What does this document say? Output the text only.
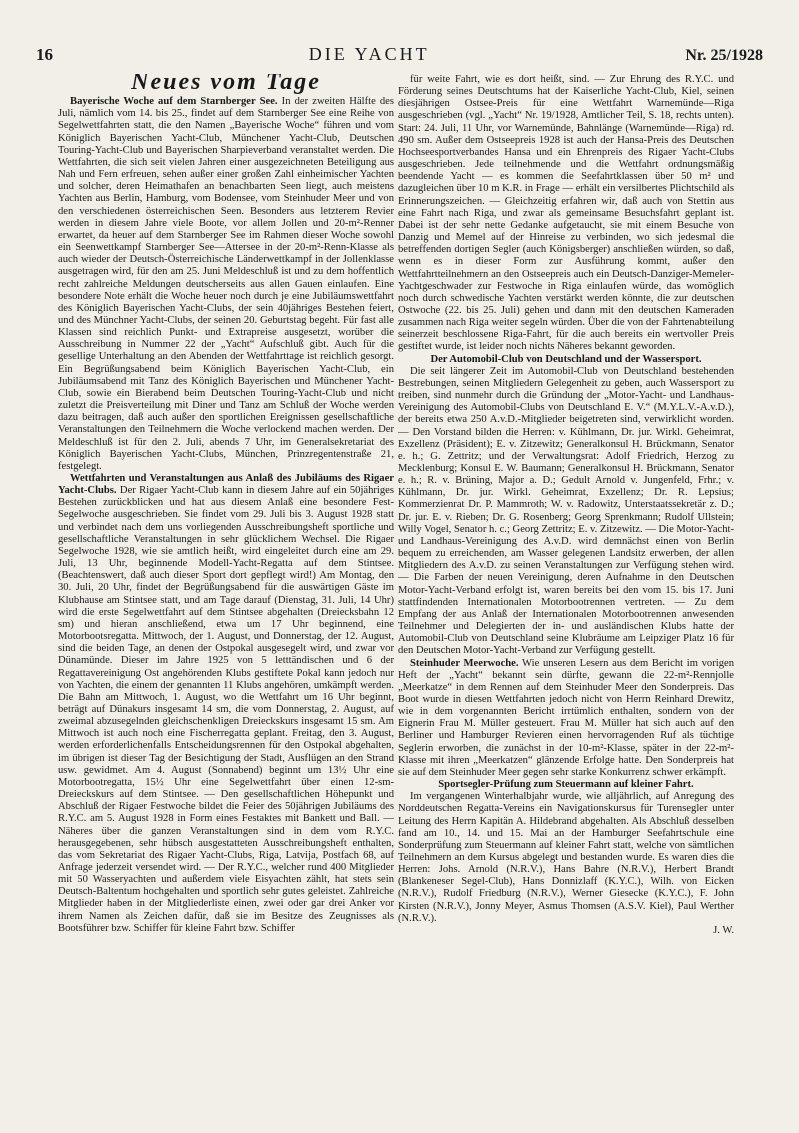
16	DIE YACHT	Nr. 25/1928
Neues vom Tage

Bayerische Woche auf dem Starnberger See. In der zweiten Hälfte des Juli, nämlich vom 14. bis 25., findet auf dem Starnberger See eine Reihe von Segelwettfahrten statt, die den Namen „Bayerische Woche“ führen und vom Königlich Bayerischen Yacht-Club, Münchener Yacht-Club, Deutschen Touring-Yacht-Club und Bayerischen Sharpieverband veranstaltet werden. Die Wettfahrten, die sich seit vielen Jahren einer ausgezeichneten Beteiligung aus Nah und Fern erfreuen, sehen außer einer großen Zahl einheimischer Yachten und solcher, deren Heimathafen an benachbarten Seen liegt, auch meistens Yachten aus Berlin, Hamburg, vom Bodensee, vom Steinhuder Meer und von den verschiedenen österreichischen Seen. Besonders aus letzterem Revier werden in diesem Jahre viele Boote, vor allem Jollen und 20-m²-Renner erwartet, da heuer auf dem Starnberger See im Rahmen dieser Woche sowohl ein Seenwettkampf Starnberger See—Attersee in der 20-m²-Renn-Klasse als auch wieder der Deutsch-Österreichische Länderwettkampf in der Jollenklasse ausgetragen wird, für den am 25. Juni Meldeschluß ist und zu dem hoffentlich recht zahlreiche Meldungen deutscherseits aus allen Gauen einlaufen. Eine besondere Note erhält die Woche heuer noch durch je eine Jubiläumswettfahrt des Königlich Bayerischen Yacht-Clubs, der sein 40jähriges Bestehen feiert, und des Münchner Yacht-Clubs, der seinen 20. Geburtstag begeht. Für fast alle Klassen sind reichlich Punkt- und Extrapreise ausgesetzt, worüber die Ausschreibung in Nummer 22 der „Yacht“ Aufschluß gibt. Auch für die gesellige Unterhaltung an den Abenden der Wettfahrttage ist reichlich gesorgt. Ein Begrüßungsabend beim Königlich Bayerischen Yacht-Club, ein Jubiläumsabend mit Tanz des Königlich Bayerischen und Münchener Yacht-Club, sowie ein Bierabend beim Deutschen Touring-Yacht-Club und nicht zuletzt die Preisverteilung mit Diner und Tanz am Schluß der Woche werden dazu beitragen, daß auch außer den sportlichen Ereignissen gesellschaftliche Veranstaltungen den Teilnehmern die Woche verlockend machen werden. Der Meldeschluß ist für den 2. Juli, abends 7 Uhr, im Generalsekretariat des Königlich Bayerischen Yacht-Clubs, München, Prinzregentenstraße 21, festgelegt.

Wettfahrten und Veranstaltungen aus Anlaß des Jubiläums des Rigaer Yacht-Clubs. Der Rigaer Yacht-Club kann in diesem Jahre auf ein 50jähriges Bestehen zurückblicken und hat aus diesem Anlaß eine besondere Fest-Segelwoche ausgeschrieben. Sie findet vom 29. Juli bis 3. August 1928 statt und verbindet nach dem uns vorliegenden Ausschreibungsheft sportliche und gesellschaftliche Veranstaltungen in sehr glücklichem Wechsel. Die Rigaer Segelwoche 1928, wie sie amtlich heißt, wird eingeleitet durch eine am 29. Juli, 13 Uhr, beginnende Modell-Yacht-Regatta auf dem Stintsee. (Beachtenswert, daß auch dieser Sport dort gepflegt wird!) Am Montag, den 30. Juli, 20 Uhr, findet der Begrüßungsabend für die auswärtigen Gäste im Klubhause am Stintsee statt, und am Tage darauf (Dienstag, 31. Juli, 14 Uhr) wird die erste Segelwettfahrt auf dem Stintsee abgehalten (Dreiecksbahn 12 sm) und hieran anschließend, etwa um 17 Uhr beginnend, eine Motorbootsregatta. Mittwoch, der 1. August, und Donnerstag, der 12. August, sind die beiden Tage, an denen der Ostpokal ausgesegelt wird, und zwar vor Dünamünde. Dieser im Jahre 1925 von 5 letttändischen und 6 der Regattavereinigung Ost angehörenden Klubs gestiftete Pokal kann jedoch nur von Yachten, die einem der genannten 11 Klubs angehören, umkämpft werden. Die Bahn am Mittwoch, 1. August, wo die Wettfahrt um 16 Uhr beginnt, beträgt auf Dünakurs insgesamt 14 sm, die vom Donnerstag, 2. August, auf zweimal abzusegelnden gleichschenkligen Dreieckskurs insgesamt 15 sm. Am Mittwoch ist auch noch eine Fischerregatta geplant. Freitag, den 3. August, werden erforderlichenfalls Entscheidungsrennen für den Ostpokal abgehalten, im übrigen ist dieser Tag der Besichtigung der Stadt, Ausflügen an den Strand usw. gewidmet. Am 4. August (Sonnabend) beginnt um 13½ Uhr eine Motorbootregatta, 15½ Uhr eine Segelwettfahrt über einen 12-sm-Dreieckskurs auf dem Stintsee. — Den gesellschaftlichen Höhepunkt und Abschluß der Rigaer Festwoche bildet die Feier des 50jährigen Jubiläums des R.Y.C. am 5. August 1928 in Form eines Festaktes mit Bankett und Ball. — Näheres über die ganzen Veranstaltungen sind in dem vom R.Y.C. herausgegebenen, sehr hübsch ausgestatteten Ausschreibungsheft enthalten, das vom Sekretariat des Rigaer Yacht-Clubs, Riga, Latvija, Postfach 68, auf Anfrage jederzeit versendet wird. — Der R.Y.C., welcher rund 400 Mitglieder mit 50 Wasseryachten und außerdem viele Eisyachten zählt, hat stets sein Deutsch-Baltentum hochgehalten und sportlich sehr gutes geleistet. Zahlreiche Mitglieder haben in der Mitgliederliste einen, zwei oder gar drei Anker vor ihrem Namen als Zeichen dafür, daß sie im Besitze des Zeugnisses als Bootsführer bzw. Schiffer für kleine Fahrt bzw. Schiffer

für weite Fahrt, wie es dort heißt, sind. — Zur Ehrung des R.Y.C. und Förderung seines Deutschtums hat der Kaiserliche Yacht-Club, Kiel, seinen diesjährigen Ostsee-Preis für eine Wettfahrt Warnemünde—Riga ausgeschrieben (vgl. „Yacht“ Nr. 19/1928, Amtlicher Teil, S. 18, rechts unten). Start: 24. Juli, 11 Uhr, vor Warnemünde, Bahnlänge (Warnemünde—Riga) rd. 490 sm. Außer dem Ostseepreis 1928 ist auch der Hansa-Preis des Deutschen Hochseesportverbandes Hansa und ein Ehrenpreis des Rigaer Yacht-Clubs ausgeschrieben. Jede teilnehmende und die Wettfahrt ordnungsmäßig beendende Yacht — es kommen die Seefahrtklassen über 50 m² und dazugleichen über 10 m K.R. in Frage — erhält ein versilbertes Plichtschild als Erinnerungszeichen. — Gleichzeitig erfahren wir, daß auch von Stettin aus eine Fahrt nach Riga, und zwar als gemeinsame Besuchsfahrt geplant ist. Dabei ist der sehr nette Gedanke aufgetaucht, sie mit einem Besuche von Danzig und Memel auf der Hinreise zu verbinden, wo sich jedesmal die betreffenden dortigen Segler (auch Königsberger) anschließen würden, so daß, wenn es in dieser Form zur Ausführung kommt, außer den Wettfahrtteilnehmern an den Ostseepreis auch ein Deutsch-Danziger-Memeler-Yachtgeschwader zur Festwoche in Riga einlaufen würde, das womöglich noch durch schwedische Yachten verstärkt werden könnte, die zur deutschen Ostwoche (22. bis 25. Juli) gehen und dann mit den deutschen Kameraden zusammen nach Riga weiter segeln würden. Über die von der Fahrtenabteilung seinerzeit beschlossene Riga-Fahrt, für die auch bereits ein wertvoller Preis gestiftet wurde, ist leider noch nichts Näheres bekannt geworden.

Der Automobil-Club von Deutschland und der Wassersport.

Die seit längerer Zeit im Automobil-Club von Deutschland bestehenden Bestrebungen, seinen Mitgliedern Gelegenheit zu geben, auch Wassersport zu treiben, sind nunmehr durch die Gründung der „Motor-Yacht- und Landhaus-Vereinigung des Automobil-Clubs von Deutschland E. V.“ (M.Y.L.V.-A.v.D.), der bereits etwa 250 A.v.D.-Mitglieder beigetreten sind, verwirklicht worden. — Den Vorstand bilden die Herren: v. Kühlmann, Dr. jur. Wirkl. Geheimrat, Exzellenz (Präsident); E. v. Zitzewitz; Generalkonsul H. Brückmann, Senator e. h.; G. Zettritz; und der Verwaltungsrat: Adolf Friedrich, Herzog zu Mecklenburg; Konsul E. W. Baumann; Generalkonsul H. Brückmann, Senator e. h.; R. v. Brüning, Major a. D.; Gedult Arnold v. Jungenfeld, Frhr.; v. Kühlmann, Dr. jur. Wirkl. Geheimrat, Exzellenz; Dr. R. Lepsius; Kommerzienrat Dr. P. Mammroth; W. v. Radowitz, Unterstaatssekretär z. D.; Dr. jur. E. v. Rieben; Dr. G. Rosenberg; Georg Sprenkmann; Rudolf Ullstein; Willy Vogel, Senator h. c.; Georg Zettritz; E. v. Zitzewitz. — Die Motor-Yacht- und Landhaus-Vereinigung des A.v.D. wird demnächst einen von Berlin bequem zu erreichenden, am Wasser gelegenen Landsitz erwerben, der allen Mitgliedern des A.v.D. zu seinen Veranstaltungen zur Verfügung stehen wird. — Die Farben der neuen Vereinigung, deren Aufnahme in den Deutschen Motor-Yacht-Verband erfolgt ist, waren bereits bei den vom 15. bis 17. Juni stattfindenden Internationalen Motorbootrennen vertreten. — Zu dem Empfang der aus Anlaß der Internationalen Motorbootrennen anwesenden Teilnehmer und Delegierten der in- und ausländischen Klubs hatte der Automobil-Club von Deutschland seine Klubräume am Leipziger Platz 16 für den Deutschen Motor-Yacht-Verband zur Verfügung gestellt.

Steinhuder Meerwoche. Wie unseren Lesern aus dem Bericht im vorigen Heft der „Yacht“ bekannt sein dürfte, gewann die 22-m²-Rennjolle „Meerkatze“ in dem Rennen auf dem Steinhuder Meer den Sonderpreis. Das Boot wurde in diesen Wettfahrten jedoch nicht von Herrn Reinhard Drewitz, wie in dem vorgenannten Bericht irrtümlich enthalten, sondern von der Eignerin Frau M. Müller gesteuert. Frau M. Müller hat sich auch auf den Berliner und Hamburger Revieren einen hervorragenden Ruf als tüchtige Seglerin erworben, die zunächst in der 10-m²-Klasse, später in der 22-m²-Klasse mit ihren „Meerkatzen“ glänzende Erfolge hatte. Den Sonderpreis hat sie auf dem Steinhuder Meer gegen sehr starke Konkurrenz schwer erkämpft.

Sportsegler-Prüfung zum Steuermann auf kleiner Fahrt.

Im vergangenen Winterhalbjahr wurde, wie alljährlich, auf Anregung des Norddeutschen Regatta-Vereins ein Navigationskursus für Turensegler unter Leitung des Herrn Kapitän A. Hildebrand abgehalten. Als Abschluß desselben fand am 10., 14. und 15. Mai an der Hamburger Seefahrtschule eine Sonderprüfung zum Steuermann auf kleiner Fahrt statt, welche von sämtlichen Teilnehmern an dem Kursus abgelegt und bestanden wurde. Es waren dies die Herren: Johs. Arnold (N.R.V.), Hans Bahre (N.R.V.), Herbert Brandt (Blankeneser Segel-Club), Hans Donnizlaff (K.Y.C.), Wilh. von Eicken (N.R.V.), Rudolf Friedburg (N.R.V.), Werner Giesecke (K.Y.C.), F. John Kirsten (N.R.V.), Jonny Meyer, Asmus Thomsen (A.S.V. Kiel), Paul Werther (N.R.V.).

J. W.
